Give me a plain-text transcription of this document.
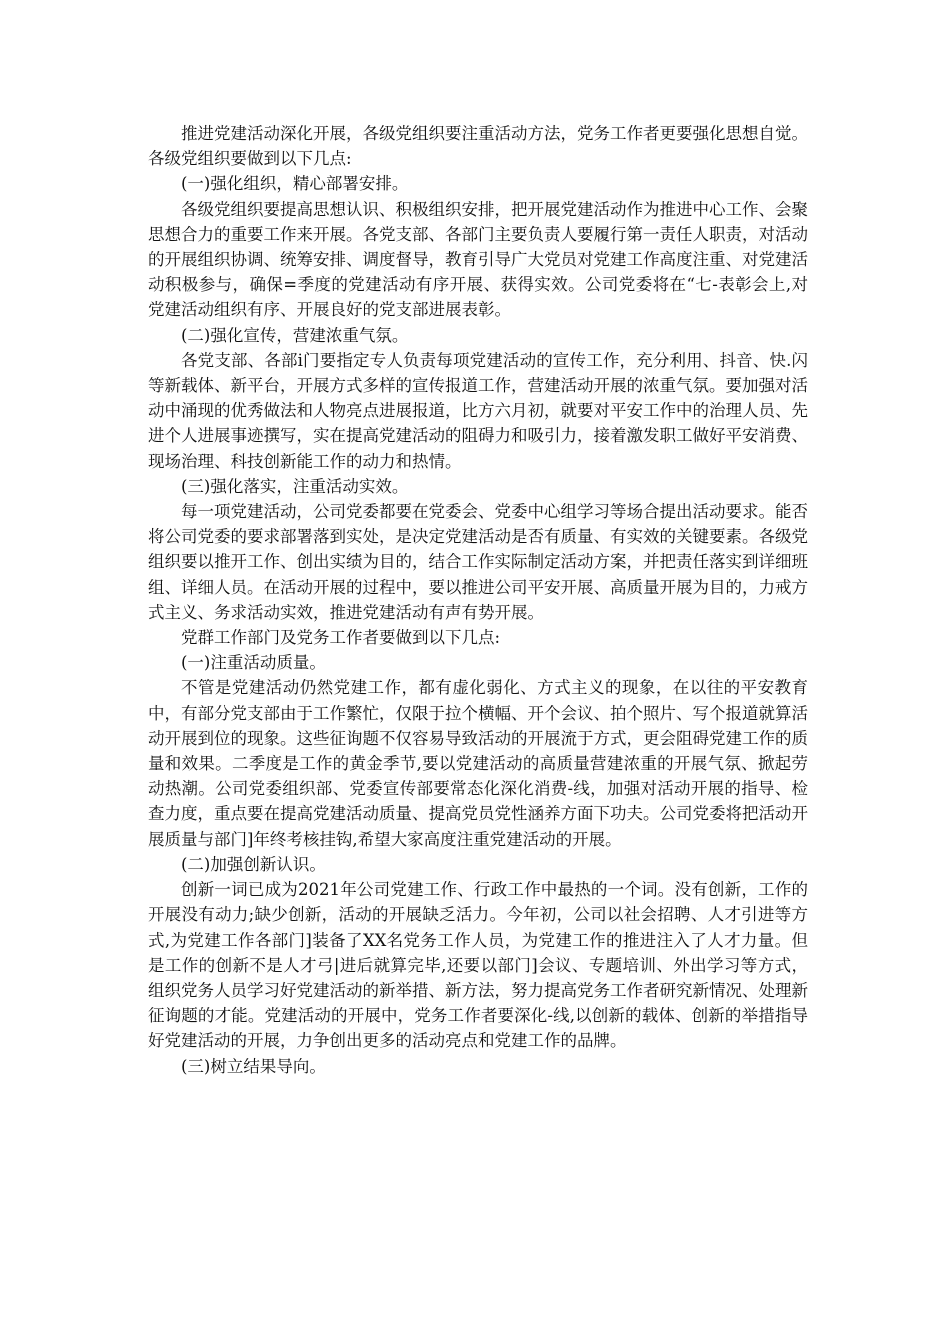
推进党建活动深化开展，各级党组织要注重活动方法，党务工作者更要强化思想自觉。各级党组织要做到以下几点:

(一)强化组织，精心部署安排。

各级党组织要提高思想认识、积极组织安排，把开展党建活动作为推进中心工作、会聚思想合力的重要工作来开展。各党支部、各部门主要负责人要履行第一责任人职责，对活动的开展组织协调、统筹安排、调度督导，教育引导广大党员对党建工作高度注重、对党建活动积极参与，确保=季度的党建活动有序开展、获得实效。公司党委将在“七-表彰会上,对党建活动组织有序、开展良好的党支部进展表彰。

(二)强化宣传，营建浓重气氛。

各党支部、各部i门要指定专人负责每项党建活动的宣传工作，充分利用、抖音、快.闪等新载体、新平台，开展方式多样的宣传报道工作，营建活动开展的浓重气氛。要加强对活动中涌现的优秀做法和人物亮点进展报道，比方六月初，就要对平安工作中的治理人员、先进个人进展事迹撰写，实在提高党建活动的阻碍力和吸引力，接着激发职工做好平安消费、现场治理、科技创新能工作的动力和热情。

(三)强化落实，注重活动实效。

每一项党建活动，公司党委都要在党委会、党委中心组学习等场合提出活动要求。能否将公司党委的要求部署落到实处，是决定党建活动是否有质量、有实效的关键要素。各级党组织要以推开工作、创出实绩为目的，结合工作实际制定活动方案，并把责任落实到详细班组、详细人员。在活动开展的过程中，要以推进公司平安开展、高质量开展为目的，力戒方式主义、务求活动实效，推进党建活动有声有势开展。

党群工作部门及党务工作者要做到以下几点:

(一)注重活动质量。

不管是党建活动仍然党建工作，都有虚化弱化、方式主义的现象，在以往的平安教育中，有部分党支部由于工作繁忙，仅限于拉个横幅、开个会议、拍个照片、写个报道就算活动开展到位的现象。这些征询题不仅容易导致活动的开展流于方式，更会阻碍党建工作的质量和效果。二季度是工作的黄金季节,要以党建活动的高质量营建浓重的开展气氛、掀起劳动热潮。公司党委组织部、党委宣传部要常态化深化消费-线，加强对活动开展的指导、检查力度，重点要在提高党建活动质量、提高党员党性涵养方面下功夫。公司党委将把活动开展质量与部门]年终考核挂钩,希望大家高度注重党建活动的开展。

(二)加强创新认识。

创新一词已成为2021年公司党建工作、行政工作中最热的一个词。没有创新，工作的开展没有动力;缺少创新，活动的开展缺乏活力。今年初，公司以社会招聘、人才引进等方式,为党建工作各部门]装备了XX名党务工作人员，为党建工作的推进注入了人才力量。但是工作的创新不是人才弓|进后就算完毕,还要以部门]会议、专题培训、外出学习等方式，组织党务人员学习好党建活动的新举措、新方法，努力提高党务工作者研究新情况、处理新征询题的才能。党建活动的开展中，党务工作者要深化-线,以创新的载体、创新的举措指导好党建活动的开展，力争创出更多的活动亮点和党建工作的品牌。

(三)树立结果导向。
